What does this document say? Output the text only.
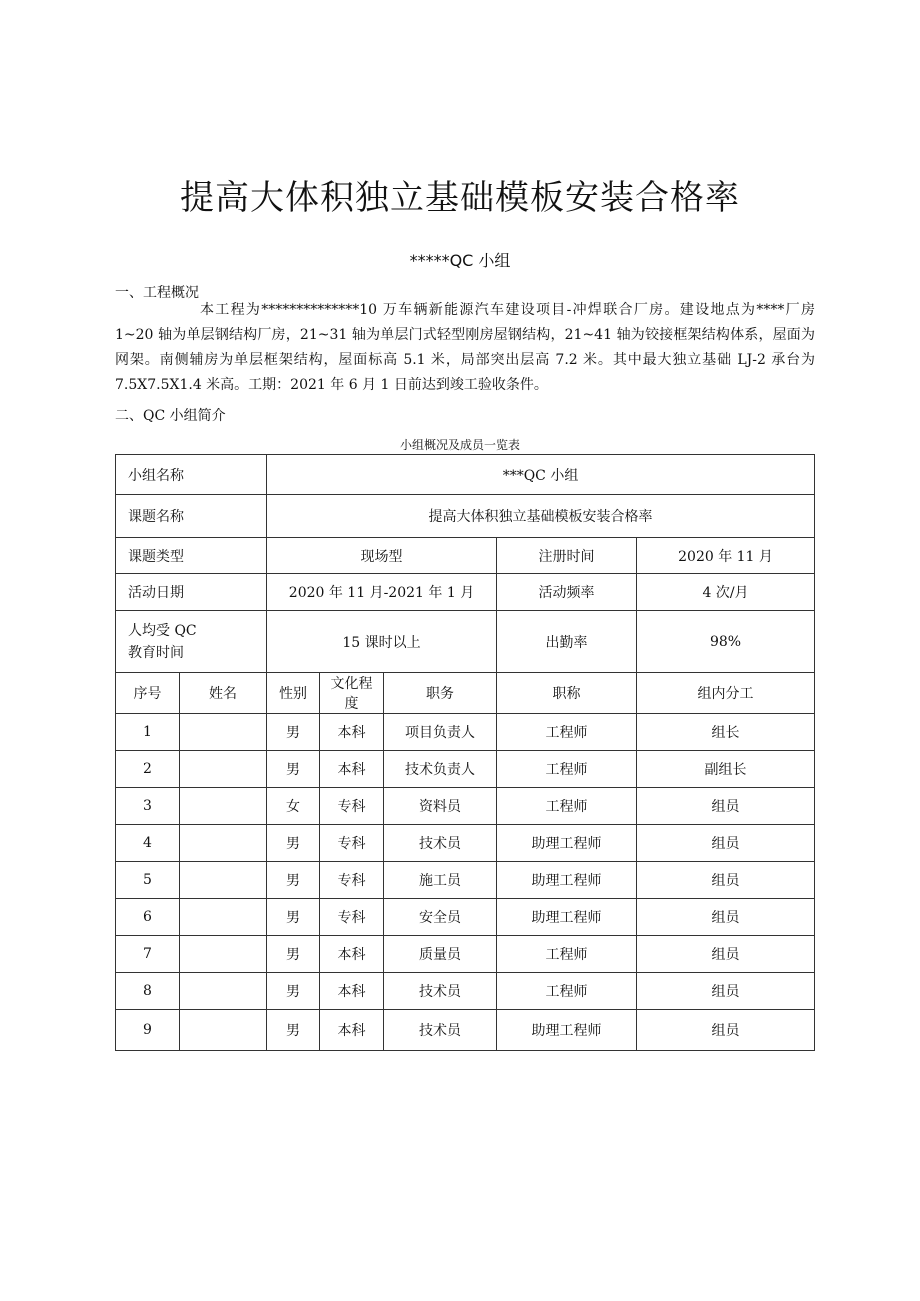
提高大体积独立基础模板安装合格率
*****QC 小组
一、工程概况

本工程为**************10 万车辆新能源汽车建设项目-冲焊联合厂房。建设地点为****厂房 1~20 轴为单层钢结构厂房，21~31 轴为单层门式轻型刚房屋钢结构，21~41 轴为铰接框架结构体系，屋面为网架。南侧辅房为单层框架结构，屋面标高 5.1 米，局部突出层高 7.2 米。其中最大独立基础 LJ-2 承台为 7.5X7.5X1.4 米高。工期：2021 年 6 月 1 日前达到竣工验收条件。

二、QC 小组简介
小组概况及成员一览表
小组名称		***QC 小组				
课题名称		提高大体积独立基础模板安装合格率				
课题类型		现场型			注册时间	2020 年 11 月
活动日期		2020 年 11 月-2021 年 1 月			活动频率	4 次/月

人均受 QC
教育时间		15 课时以上			出勤率	98%
序号	姓名	性别	文化程度	职务	职称	组内分工
1		男	本科	项目负责人	工程师	组长
2		男	本科	技术负责人	工程师	副组长
3		女	专科	资料员	工程师	组员
4		男	专科	技术员	助理工程师	组员
5		男	专科	施工员	助理工程师	组员
6		男	专科	安全员	助理工程师	组员
7		男	本科	质量员	工程师	组员
8		男	本科	技术员	工程师	组员
9		男	本科	技术员	助理工程师	组员
